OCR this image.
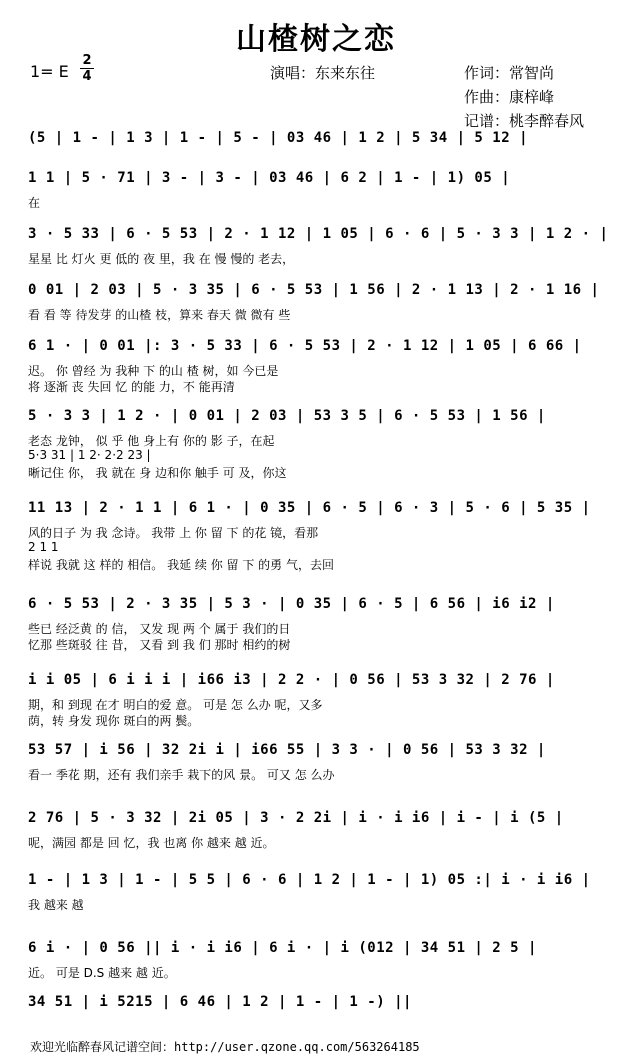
山楂树之恋
1= E
2
4	演唱：东来东往	作词：常智尚
作曲：康梓峰
记谱：桃李醉春风
(5 | 1 - | 1 3 | 1 - | 5 - | 03 46 | 1 2 | 5 34 | 5 12 |
1 1 | 5 · 71 | 3 - | 3 - | 03 46 | 6 2 | 1 - | 1) 05 |
在
3 · 5 33 | 6 · 5 53 | 2 · 1 12 | 1 05 | 6 · 6 | 5 · 3 3 | 1 2 · |
星星 比 灯火 更 低的 夜 里，我 在 慢 慢的 老去，
0 01 | 2 03 | 5 · 3 35 | 6 · 5 53 | 1 56 | 2 · 1 13 | 2 · 1 16 |
看 看 等 待发芽 的山楂 枝，算来 春天 微 微有 些
6 1 · | 0 01 |: 3 · 5 33 | 6 · 5 53 | 2 · 1 12 | 1 05 | 6 66 |
迟。 你 曾经 为 我种 下 的山 楂 树，如 今已是
将 逐渐 丧 失回 忆 的能 力，不 能再清
5 · 3 3 | 1 2 · | 0 01 | 2 03 | 53 3 5 | 6 · 5 53 | 1 56 |
老态 龙钟， 似 乎 他 身上有 你的 影 子，在起
5·3 31 | 1 2· 2·2 23 |
晰记住 你， 我 就在 身 边和你 触手 可 及，你这
11 13 | 2 · 1 1 | 6 1 · | 0 35 | 6 · 5 | 6 · 3 | 5 · 6 | 5 35 |
风的日子 为 我 念诗。 我带 上 你 留 下 的花 镜，看那
2 1 1
样说 我就 这 样的 相信。 我延 续 你 留 下 的勇 气，去回
6 · 5 53 | 2 · 3 35 | 5 3 · | 0 35 | 6 · 5 | 6 56 | i6 i2 |
些已 经泛黄 的 信， 又发 现 两 个 属于 我们的日
忆那 些斑驳 往 昔， 又看 到 我 们 那时 相约的树
i i 05 | 6 i i i | i66 i3 | 2 2 · | 0 56 | 53 3 32 | 2 76 |
期，和 到现 在才 明白的爱 意。 可是 怎 么办 呢，又多
荫，转 身发 现你 斑白的两 鬓。
53 57 | i 56 | 32 2i i | i66 55 | 3 3 · | 0 56 | 53 3 32 |
看一 季花 期，还有 我们亲手 栽下的风 景。 可又 怎 么办
2 76 | 5 · 3 32 | 2i 05 | 3 · 2 2i | i · i i6 | i - | i (5 |
呢，满园 都是 回 忆，我 也离 你 越来 越 近。
1 - | 1 3 | 1 - | 5 5 | 6 · 6 | 1 2 | 1 - | 1) 05 :| i · i i6 |
我 越来 越
6 i · | 0 56 || i · i i6 | 6 i · | i (012 | 34 51 | 2 5 |
近。 可是 D.S 越来 越 近。
34 51 | i 5215 | 6 46 | 1 2 | 1 - | 1 -) ||
欢迎光临醉春风记谱空间：http://user.qzone.qq.com/563264185
